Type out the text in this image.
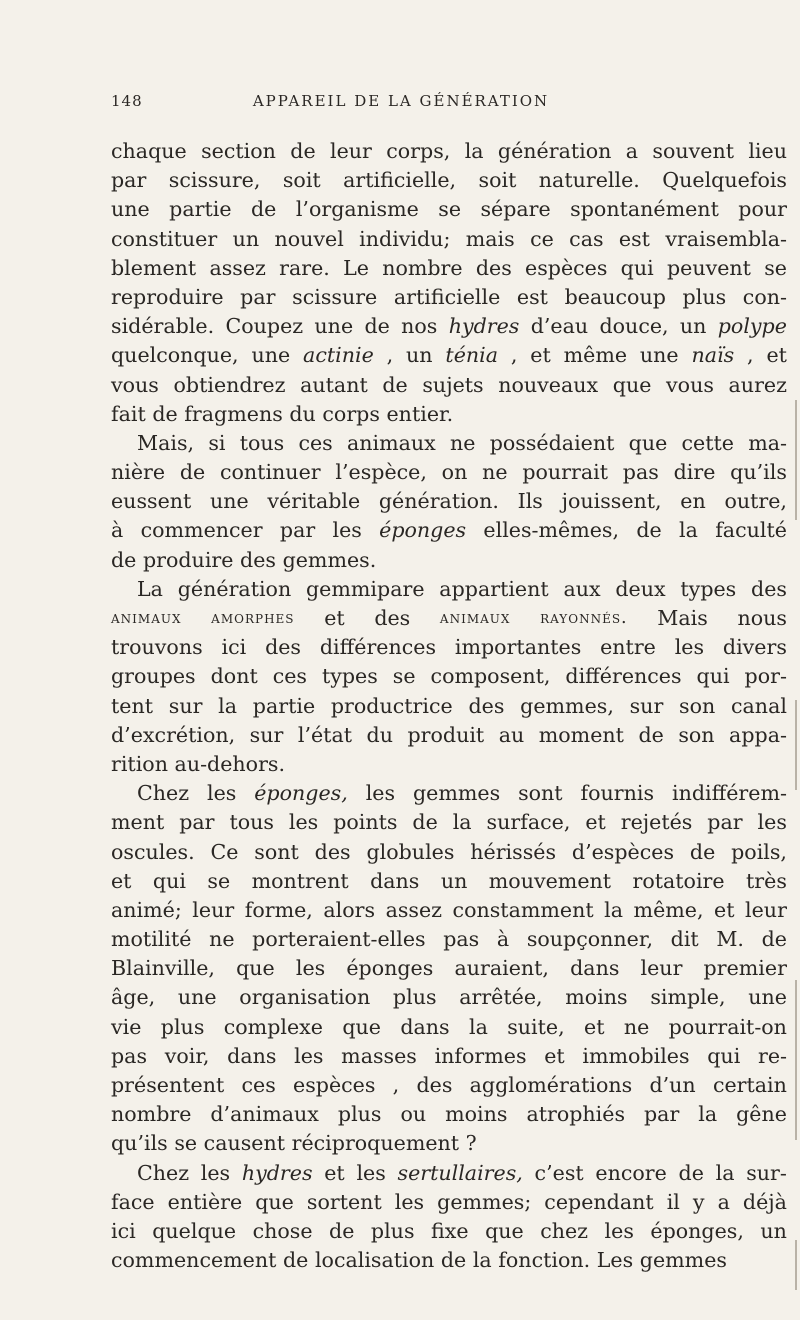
148	APPAREIL DE LA GÉNÉRATION
chaque section de leur corps, la génération a souvent lieu
par scissure, soit artificielle, soit naturelle. Quelquefois
une partie de l’organisme se sépare spontanément pour
constituer un nouvel individu; mais ce cas est vraisembla-
blement assez rare. Le nombre des espèces qui peuvent se
reproduire par scissure artificielle est beaucoup plus con-
sidérable. Coupez une de nos hydres d’eau douce, un polype
quelconque, une actinie , un ténia , et même une naïs , et
vous obtiendrez autant de sujets nouveaux que vous aurez
fait de fragmens du corps entier.
Mais, si tous ces animaux ne possédaient que cette ma-
nière de continuer l’espèce, on ne pourrait pas dire qu’ils
eussent une véritable génération. Ils jouissent, en outre,
à commencer par les éponges elles-mêmes, de la faculté
de produire des gemmes.
La génération gemmipare appartient aux deux types des
animaux amorphes et des animaux rayonnés. Mais nous
trouvons ici des différences importantes entre les divers
groupes dont ces types se composent, différences qui por-
tent sur la partie productrice des gemmes, sur son canal
d’excrétion, sur l’état du produit au moment de son appa-
rition au-dehors.
Chez les éponges, les gemmes sont fournis indifférem-
ment par tous les points de la surface, et rejetés par les
oscules. Ce sont des globules hérissés d’espèces de poils,
et qui se montrent dans un mouvement rotatoire très
animé; leur forme, alors assez constamment la même, et leur
motilité ne porteraient-elles pas à soupçonner, dit M. de
Blainville, que les éponges auraient, dans leur premier
âge, une organisation plus arrêtée, moins simple, une
vie plus complexe que dans la suite, et ne pourrait-on
pas voir, dans les masses informes et immobiles qui re-
présentent ces espèces , des agglomérations d’un certain
nombre d’animaux plus ou moins atrophiés par la gêne
qu’ils se causent réciproquement ?
Chez les hydres et les sertullaires, c’est encore de la sur-
face entière que sortent les gemmes; cependant il y a déjà
ici quelque chose de plus fixe que chez les éponges, un
commencement de localisation de la fonction. Les gemmes
